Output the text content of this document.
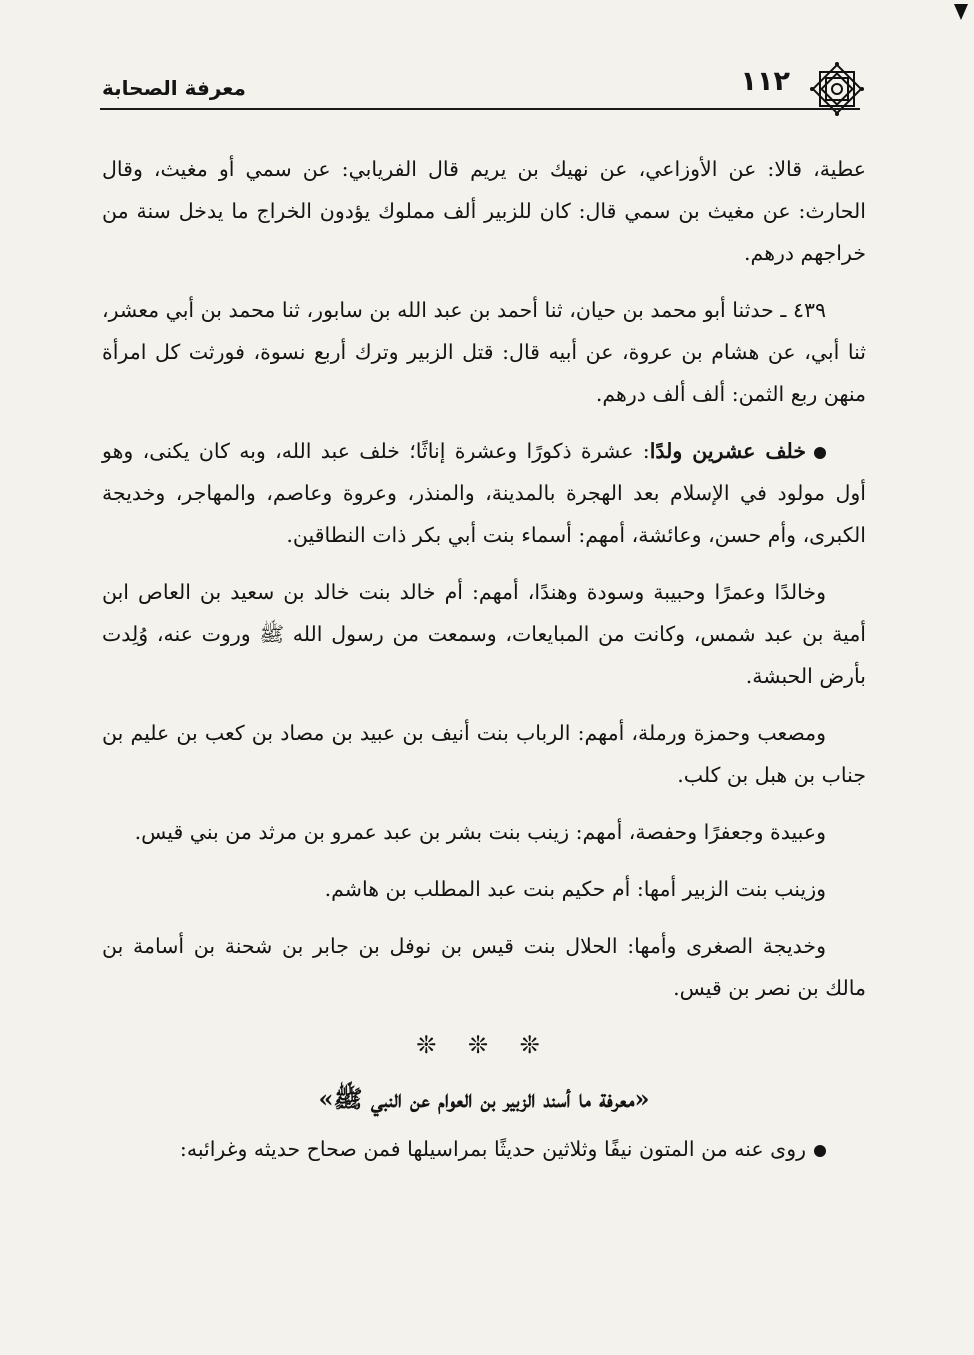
١١٢
معرفة الصحابة

عطية، قالا: عن الأوزاعي، عن نهيك بن يريم قال الفريابي: عن سمي أو مغيث، وقال الحارث: عن مغيث بن سمي قال: كان للزبير ألف مملوك يؤدون الخراج ما يدخل سنة من خراجهم درهم.

٤٣٩ ـ حدثنا أبو محمد بن حيان، ثنا أحمد بن عبد الله بن سابور، ثنا محمد بن أبي معشر، ثنا أبي، عن هشام بن عروة، عن أبيه قال: قتل الزبير وترك أربع نسوة، فورثت كل امرأة منهن ربع الثمن: ألف ألف درهم.

خلف عشرين ولدًا: عشرة ذكورًا وعشرة إناثًا؛ خلف عبد الله، وبه كان يكنى، وهو أول مولود في الإسلام بعد الهجرة بالمدينة، والمنذر، وعروة وعاصم، والمهاجر، وخديجة الكبرى، وأم حسن، وعائشة، أمهم: أسماء بنت أبي بكر ذات النطاقين.

وخالدًا وعمرًا وحبيبة وسودة وهندًا، أمهم: أم خالد بنت خالد بن سعيد بن العاص ابن أمية بن عبد شمس، وكانت من المبايعات، وسمعت من رسول الله ﷺ وروت عنه، وُلِدت بأرض الحبشة.

ومصعب وحمزة ورملة، أمهم: الرباب بنت أنيف بن عبيد بن مصاد بن كعب بن عليم بن جناب بن هبل بن كلب.

وعبيدة وجعفرًا وحفصة، أمهم: زينب بنت بشر بن عبد عمرو بن مرثد من بني قيس.

وزينب بنت الزبير أمها: أم حكيم بنت عبد المطلب بن هاشم.

وخديجة الصغرى وأمها: الحلال بنت قيس بن نوفل بن جابر بن شحنة بن أسامة بن مالك بن نصر بن قيس.

❊ ❊ ❊
«معرفة ما أسند الزبير بن العوام عن النبي ﷺ»

روى عنه من المتون نيفًا وثلاثين حديثًا بمراسيلها فمن صحاح حديثه وغرائبه:
